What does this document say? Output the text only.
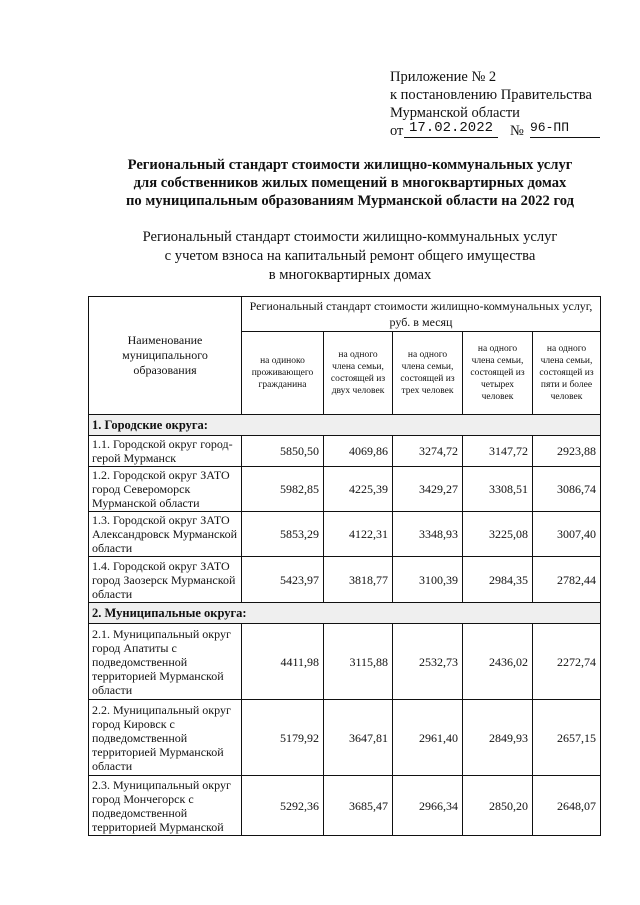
Приложение № 2
к постановлению Правительства
Мурманской области
от 17.02.2022	№ 96-ПП
Региональный стандарт стоимости жилищно-коммунальных услуг
для собственников жилых помещений в многоквартирных домах
по муниципальным образованиям Мурманской области на 2022 год
Региональный стандарт стоимости жилищно-коммунальных услуг
с учетом взноса на капитальный ремонт общего имущества
в многоквартирных домах
Наименование муниципального образования	Региональный стандарт стоимости жилищно-коммунальных услуг, руб. в месяц				
	на одиноко проживающего гражданина	на одного члена семьи, состоящей из двух человек	на одного члена семьи, состоящей из трех человек	на одного члена семьи, состоящей из четырех человек	на одного члена семьи, состоящей из пяти и более человек
1. Городские округа:					
1.1. Городской округ город-герой Мурманск	5850,50	4069,86	3274,72	3147,72	2923,88
1.2. Городской округ ЗАТО город Североморск Мурманской области	5982,85	4225,39	3429,27	3308,51	3086,74
1.3. Городской округ ЗАТО Александровск Мурманской области	5853,29	4122,31	3348,93	3225,08	3007,40
1.4. Городской округ ЗАТО город Заозерск Мурманской области	5423,97	3818,77	3100,39	2984,35	2782,44
2. Муниципальные округа:					
2.1. Муниципальный округ город Апатиты с подведомственной территорией Мурманской области	4411,98	3115,88	2532,73	2436,02	2272,74
2.2. Муниципальный округ город Кировск с подведомственной территорией Мурманской области	5179,92	3647,81	2961,40	2849,93	2657,15
2.3. Муниципальный округ город Мончегорск с подведомственной территорией Мурманской	5292,36	3685,47	2966,34	2850,20	2648,07
